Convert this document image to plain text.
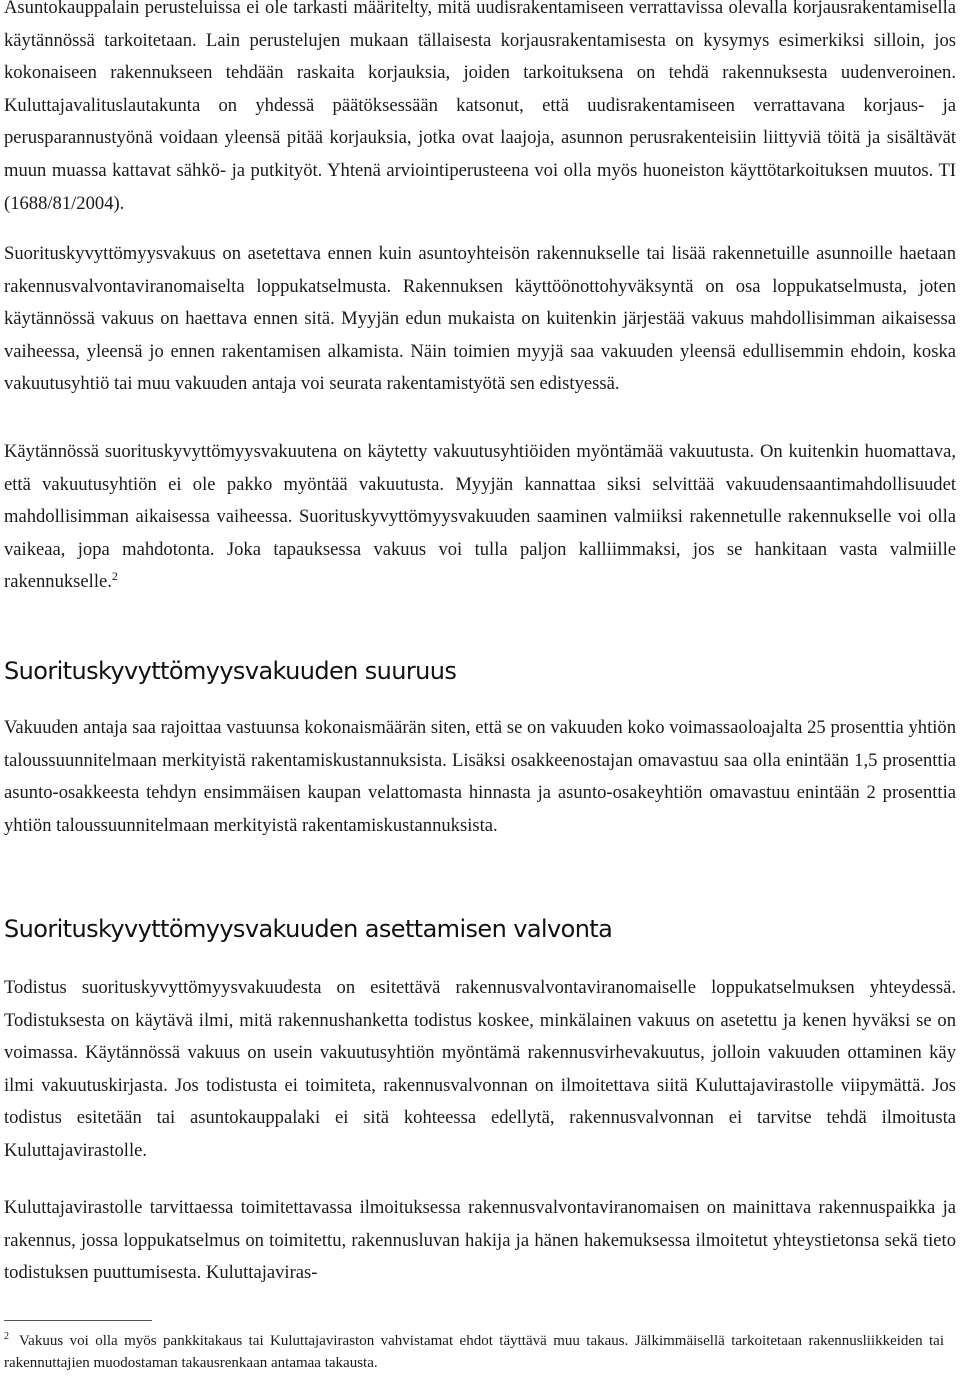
Asuntokauppalain perusteluissa ei ole tarkasti määritelty, mitä uudisrakentamiseen verrattavissa olevalla korjausrakentamisella käytännössä tarkoitetaan. Lain perustelujen mukaan tällaisesta korjausrakentamisesta on kysymys esimerkiksi silloin, jos kokonaiseen rakennukseen tehdään raskaita korjauksia, joiden tarkoituksena on tehdä rakennuksesta uudenveroinen. Kuluttajavalituslautakunta on yhdessä päätöksessään katsonut, että uudisrakentamiseen verrattavana korjaus- ja perusparannustyönä voidaan yleensä pitää korjauksia, jotka ovat laajoja, asunnon perusrakenteisiin liittyviä töitä ja sisältävät muun muassa kattavat sähkö- ja putkityöt. Yhtenä arviointiperusteena voi olla myös huoneiston käyttötarkoituksen muutos. TI (1688/81/2004).

Suorituskyvyttömyysvakuus on asetettava ennen kuin asuntoyhteisön rakennukselle tai lisää rakennetuille asunnoille haetaan rakennusvalvontaviranomaiselta loppukatselmusta. Rakennuksen käyttöönottohyväksyntä on osa loppukatselmusta, joten käytännössä vakuus on haettava ennen sitä. Myyjän edun mukaista on kuitenkin järjestää vakuus mahdollisimman aikaisessa vaiheessa, yleensä jo ennen rakentamisen alkamista. Näin toimien myyjä saa vakuuden yleensä edullisemmin ehdoin, koska vakuutusyhtiö tai muu vakuuden antaja voi seurata rakentamistyötä sen edistyessä.

Käytännössä suorituskyvyttömyysvakuutena on käytetty vakuutusyhtiöiden myöntämää vakuutusta. On kuitenkin huomattava, että vakuutusyhtiön ei ole pakko myöntää vakuutusta. Myyjän kannattaa siksi selvittää vakuudensaantimahdollisuudet mahdollisimman aikaisessa vaiheessa. Suorituskyvyttömyysvakuuden saaminen valmiiksi rakennetulle rakennukselle voi olla vaikeaa, jopa mahdotonta. Joka tapauksessa vakuus voi tulla paljon kalliimmaksi, jos se hankitaan vasta valmiille rakennukselle.$^2$

Suorituskyvyttömyysvakuuden suuruus

Vakuuden antaja saa rajoittaa vastuunsa kokonaismäärän siten, että se on vakuuden koko voimassaoloajalta 25 prosenttia yhtiön taloussuunnitelmaan merkityistä rakentamiskustannuksista. Lisäksi osakkeenostajan omavastuu saa olla enintään 1,5 prosenttia asunto-osakkeesta tehdyn ensimmäisen kaupan velattomasta hinnasta ja asunto-osakeyhtiön omavastuu enintään 2 prosenttia yhtiön taloussuunnitelmaan merkityistä rakentamiskustannuksista.

Suorituskyvyttömyysvakuuden asettamisen valvonta

Todistus suorituskyvyttömyysvakuudesta on esitettävä rakennusvalvontaviranomaiselle loppukatselmuksen yhteydessä. Todistuksesta on käytävä ilmi, mitä rakennushanketta todistus koskee, minkälainen vakuus on asetettu ja kenen hyväksi se on voimassa. Käytännössä vakuus on usein vakuutusyhtiön myöntämä rakennusvirhevakuutus, jolloin vakuuden ottaminen käy ilmi vakuutuskirjasta. Jos todistusta ei toimiteta, rakennusvalvonnan on ilmoitettava siitä Kuluttajavirastolle viipymättä. Jos todistus esitetään tai asuntokauppalaki ei sitä kohteessa edellytä, rakennusvalvonnan ei tarvitse tehdä ilmoitusta Kuluttajavirastolle.

Kuluttajavirastolle tarvittaessa toimitettavassa ilmoituksessa rakennusvalvontaviranomaisen on mainittava rakennuspaikka ja rakennus, jossa loppukatselmus on toimitettu, rakennusluvan hakija ja hänen hakemuksessa ilmoitetut yhteystietonsa sekä tieto todistuksen puuttumisesta. Kuluttajaviras-

$^2$ Vakuus voi olla myös pankkitakaus tai Kuluttajaviraston vahvistamat ehdot täyttävä muu takaus. Jälkimmäisellä tarkoitetaan rakennusliikkeiden tai rakennuttajien muodostaman takausrenkaan antamaa takausta.
